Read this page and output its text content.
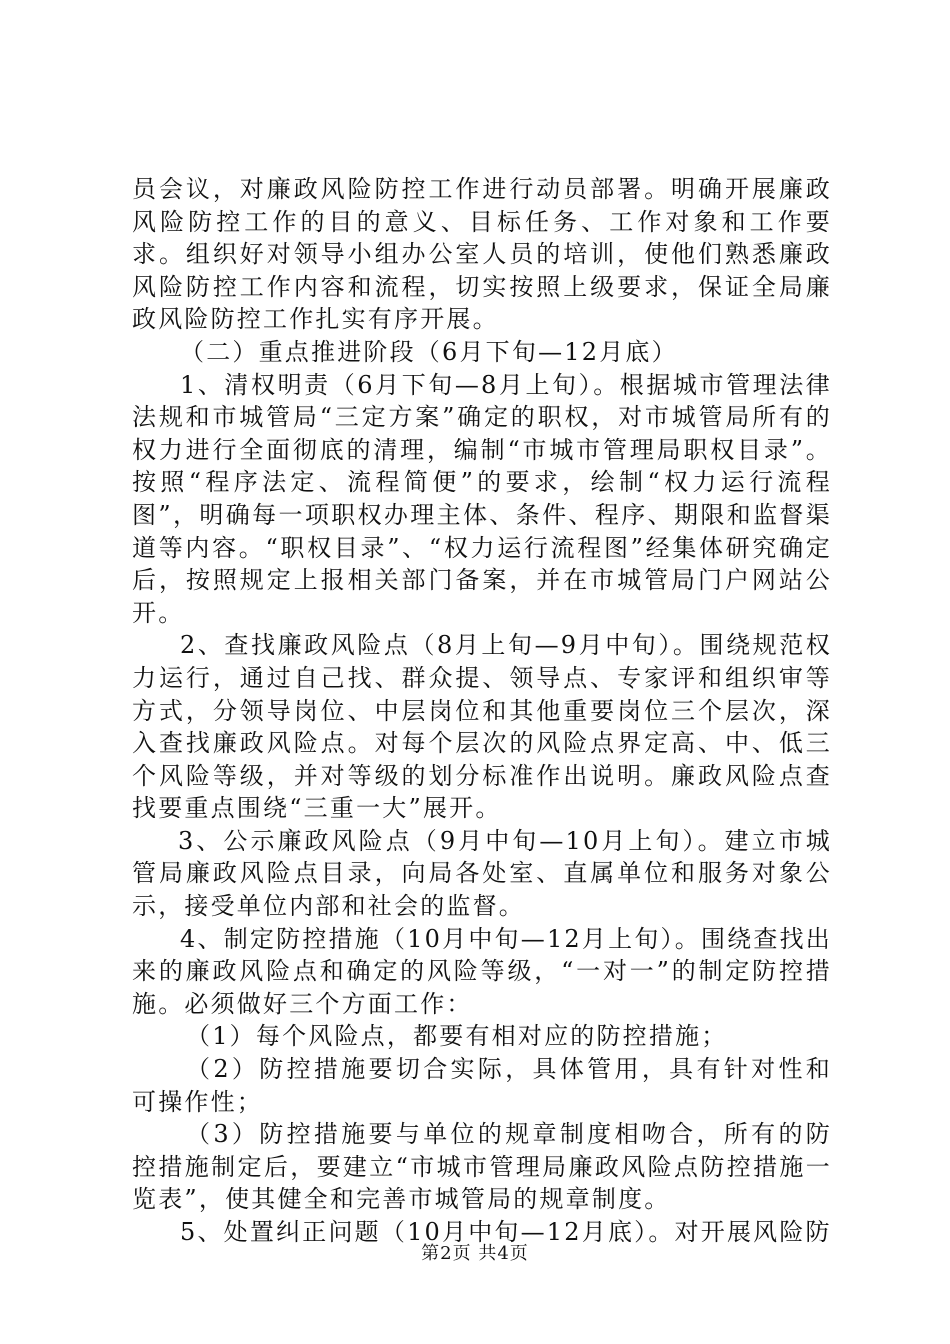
员会议，对廉政风险防控工作进行动员部署。明确开展廉政风险防控工作的目的意义、目标任务、工作对象和工作要求。组织好对领导小组办公室人员的培训，使他们熟悉廉政风险防控工作内容和流程，切实按照上级要求，保证全局廉政风险防控工作扎实有序开展。

（二）重点推进阶段（6月下旬—12月底）

1、清权明责（6月下旬—8月上旬）。根据城市管理法律法规和市城管局“三定方案”确定的职权，对市城管局所有的权力进行全面彻底的清理，编制“市城市管理局职权目录”。按照“程序法定、流程简便”的要求，绘制“权力运行流程图”，明确每一项职权办理主体、条件、程序、期限和监督渠道等内容。“职权目录”、“权力运行流程图”经集体研究确定后，按照规定上报相关部门备案，并在市城管局门户网站公开。

2、查找廉政风险点（8月上旬—9月中旬）。围绕规范权力运行，通过自己找、群众提、领导点、专家评和组织审等方式，分领导岗位、中层岗位和其他重要岗位三个层次，深入查找廉政风险点。对每个层次的风险点界定高、中、低三个风险等级，并对等级的划分标准作出说明。廉政风险点查找要重点围绕“三重一大”展开。

3、公示廉政风险点（9月中旬—10月上旬）。建立市城管局廉政风险点目录，向局各处室、直属单位和服务对象公示，接受单位内部和社会的监督。

4、制定防控措施（10月中旬—12月上旬）。围绕查找出来的廉政风险点和确定的风险等级，“一对一”的制定防控措施。必须做好三个方面工作：

（1）每个风险点，都要有相对应的防控措施；

（2）防控措施要切合实际，具体管用，具有针对性和可操作性；

（3）防控措施要与单位的规章制度相吻合，所有的防控措施制定后，要建立“市城市管理局廉政风险点防控措施一览表”，使其健全和完善市城管局的规章制度。

5、处置纠正问题（10月中旬—12月底）。对开展风险防

第2页 共4页
